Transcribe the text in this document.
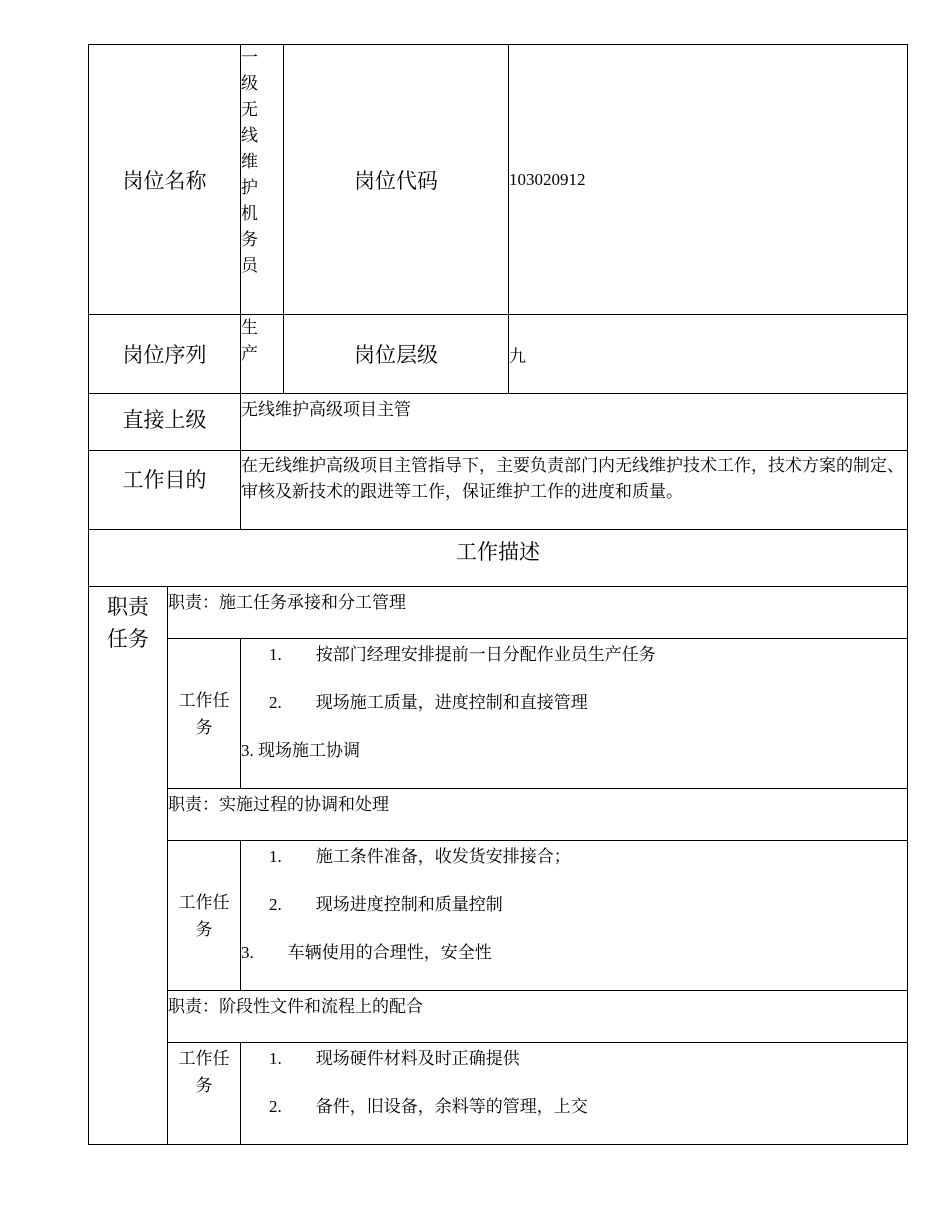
岗位名称		一级无线维护机务员	岗位代码	103020912
岗位序列		生产	岗位层级	九

直接上级		无线维护高级项目主管		

工作目的		在无线维护高级项目主管指导下，主要负责部门内无线维护技术工作，技术方案的制定、审核及新技术的跟进等工作，保证维护工作的进度和质量。		

工作描述				

职责任务	职责：施工任务承接和分工管理			

	工作任务	1.  按部门经理安排提前一日分配作业员生产任务
2.  现场施工质量，进度控制和直接管理
3. 现场施工协调		

	职责：实施过程的协调和处理			

	工作任务	1.  施工条件准备，收发货安排接合；
2.  现场进度控制和质量控制
3.  车辆使用的合理性，安全性		

	职责：阶段性文件和流程上的配合			

	工作任务	1.  现场硬件材料及时正确提供
2.  备件，旧设备，余料等的管理，上交		
